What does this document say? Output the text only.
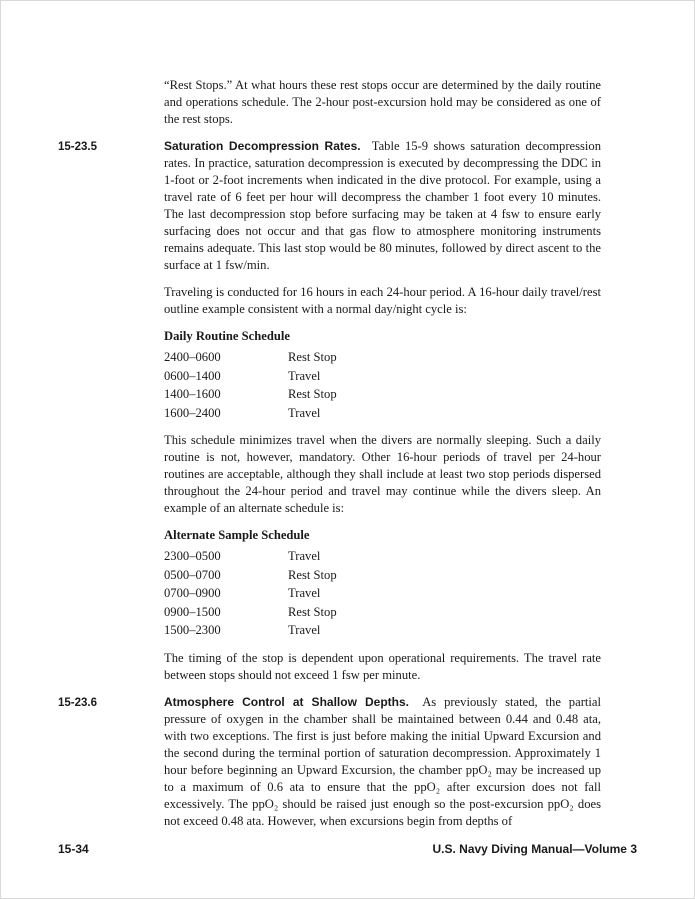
“Rest Stops.” At what hours these rest stops occur are determined by the daily routine and operations schedule. The 2-hour post-excursion hold may be considered as one of the rest stops.

15-23.5	Saturation Decompression Rates. Table 15-9 shows saturation decompression rates. In practice, saturation decompression is executed by decompressing the DDC in 1-foot or 2-foot increments when indicated in the dive protocol. For example, using a travel rate of 6 feet per hour will decompress the chamber 1 foot every 10 minutes. The last decompression stop before surfacing may be taken at 4 fsw to ensure early surfacing does not occur and that gas flow to atmosphere monitoring instruments remains adequate. This last stop would be 80 minutes, followed by direct ascent to the surface at 1 fsw/min.

Traveling is conducted for 16 hours in each 24-hour period. A 16-hour daily travel/rest outline example consistent with a normal day/night cycle is:

Daily Routine Schedule
2400–0600	Rest Stop
0600–1400	Travel
1400–1600	Rest Stop
1600–2400	Travel

This schedule minimizes travel when the divers are normally sleeping. Such a daily routine is not, however, mandatory. Other 16-hour periods of travel per 24-hour routines are acceptable, although they shall include at least two stop periods dispersed throughout the 24-hour period and travel may continue while the divers sleep. An example of an alternate schedule is:

Alternate Sample Schedule
2300–0500	Travel
0500–0700	Rest Stop
0700–0900	Travel
0900–1500	Rest Stop
1500–2300	Travel

The timing of the stop is dependent upon operational requirements. The travel rate between stops should not exceed 1 fsw per minute.

15-23.6	Atmosphere Control at Shallow Depths. As previously stated, the partial pressure of oxygen in the chamber shall be maintained between 0.44 and 0.48 ata, with two exceptions. The first is just before making the initial Upward Excursion and the second during the terminal portion of saturation decompression. Approximately 1 hour before beginning an Upward Excursion, the chamber ppO₂ may be increased up to a maximum of 0.6 ata to ensure that the ppO₂ after excursion does not fall excessively. The ppO₂ should be raised just enough so the post-excursion ppO₂ does not exceed 0.48 ata. However, when excursions begin from depths of

15-34	U.S. Navy Diving Manual—Volume 3
